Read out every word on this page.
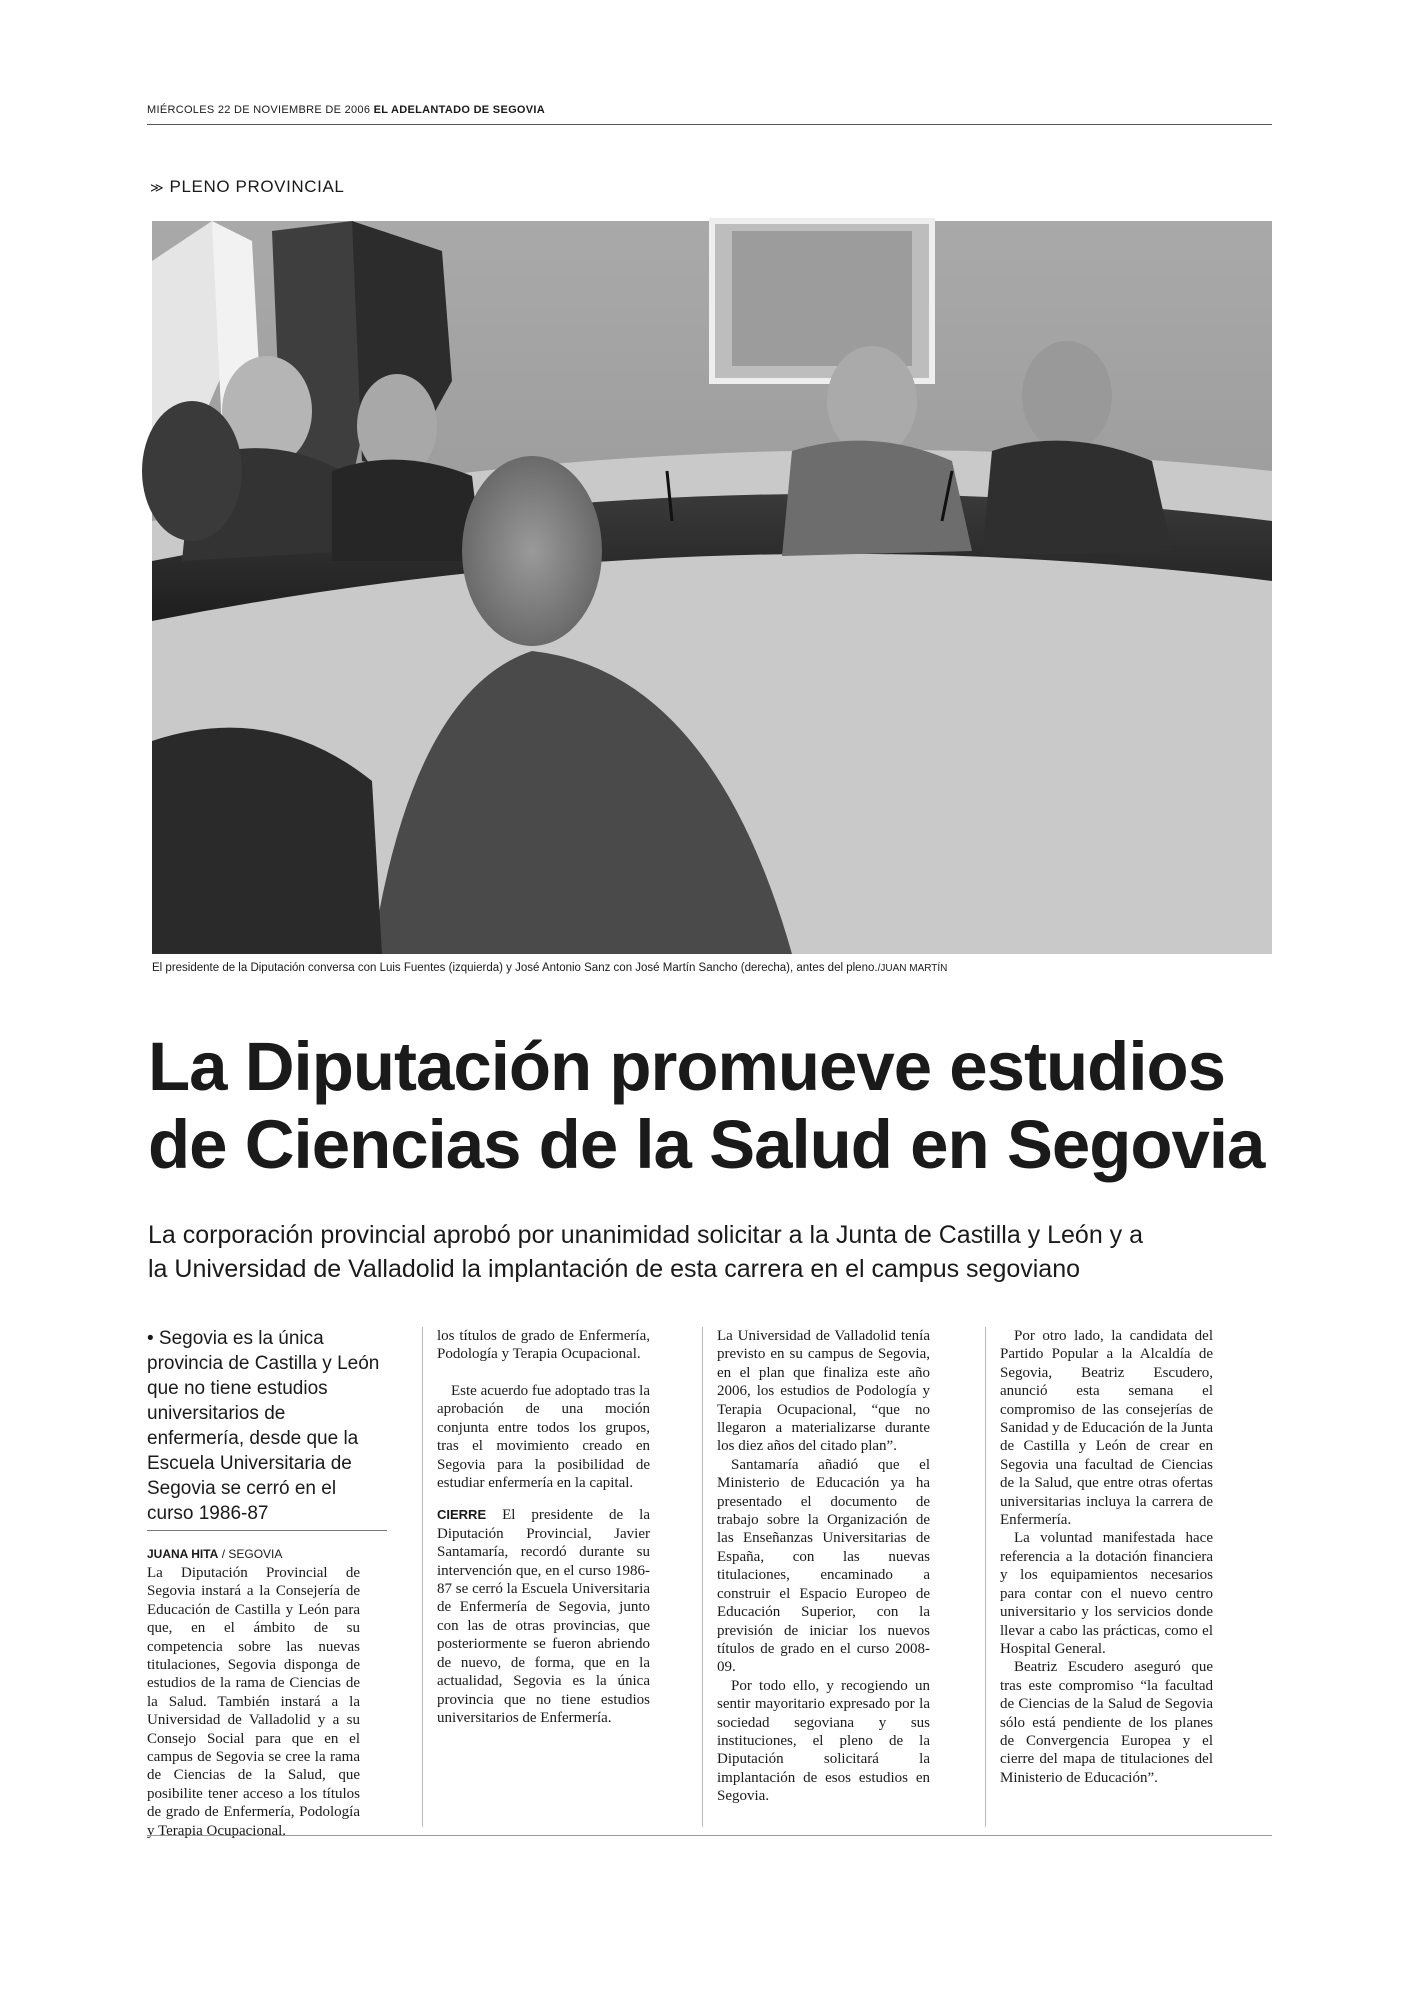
MIÉRCOLES 22 DE NOVIEMBRE DE 2006 EL ADELANTADO DE SEGOVIA
≫ PLENO PROVINCIAL
El presidente de la Diputación conversa con Luis Fuentes (izquierda) y José Antonio Sanz con José Martín Sancho (derecha), antes del pleno./JUAN MARTÍN
La Diputación promueve estudios
de Ciencias de la Salud en Segovia
La corporación provincial aprobó por unanimidad solicitar a la Junta de Castilla y León y a
la Universidad de Valladolid la implantación de esta carrera en el campus segoviano
• Segovia es la única provincia de Castilla y León que no tiene estudios universitarios de enfermería, desde que la Escuela Universitaria de Segovia se cerró en el curso 1986-87
JUANA HITA / SEGOVIA

La Diputación Provincial de Segovia instará a la Consejería de Educación de Castilla y León para que, en el ámbito de su competencia sobre las nuevas titulaciones, Segovia disponga de estudios de la rama de Ciencias de la Salud. También instará a la Universidad de Valladolid y a su Consejo Social para que en el campus de Segovia se cree la rama de Ciencias de la Salud, que posibilite tener acceso a los títulos de grado de Enfermería, Podología y Terapia Ocupacional.

los títulos de grado de Enfermería, Podología y Terapia Ocupacional.

Este acuerdo fue adoptado tras la aprobación de una moción conjunta entre todos los grupos, tras el movimiento creado en Segovia para la posibilidad de estudiar enfermería en la capital.

CIERRE El presidente de la Diputación Provincial, Javier Santamaría, recordó durante su intervención que, en el curso 1986-87 se cerró la Escuela Universitaria de Enfermería de Segovia, junto con las de otras provincias, que posteriormente se fueron abriendo de nuevo, de forma, que en la actualidad, Segovia es la única provincia que no tiene estudios universitarios de Enfermería.

La Universidad de Valladolid tenía previsto en su campus de Segovia, en el plan que finaliza este año 2006, los estudios de Podología y Terapia Ocupacional, “que no llegaron a materializarse durante los diez años del citado plan”.

Santamaría añadió que el Ministerio de Educación ya ha presentado el documento de trabajo sobre la Organización de las Enseñanzas Universitarias de España, con las nuevas titulaciones, encaminado a construir el Espacio Europeo de Educación Superior, con la previsión de iniciar los nuevos títulos de grado en el curso 2008-09.

Por todo ello, y recogiendo un sentir mayoritario expresado por la sociedad segoviana y sus instituciones, el pleno de la Diputación solicitará la implantación de esos estudios en Segovia.

Por otro lado, la candidata del Partido Popular a la Alcaldía de Segovia, Beatriz Escudero, anunció esta semana el compromiso de las consejerías de Sanidad y de Educación de la Junta de Castilla y León de crear en Segovia una facultad de Ciencias de la Salud, que entre otras ofertas universitarias incluya la carrera de Enfermería.

La voluntad manifestada hace referencia a la dotación financiera y los equipamientos necesarios para contar con el nuevo centro universitario y los servicios donde llevar a cabo las prácticas, como el Hospital General.

Beatriz Escudero aseguró que tras este compromiso “la facultad de Ciencias de la Salud de Segovia sólo está pendiente de los planes de Convergencia Europea y el cierre del mapa de titulaciones del Ministerio de Educación”.
